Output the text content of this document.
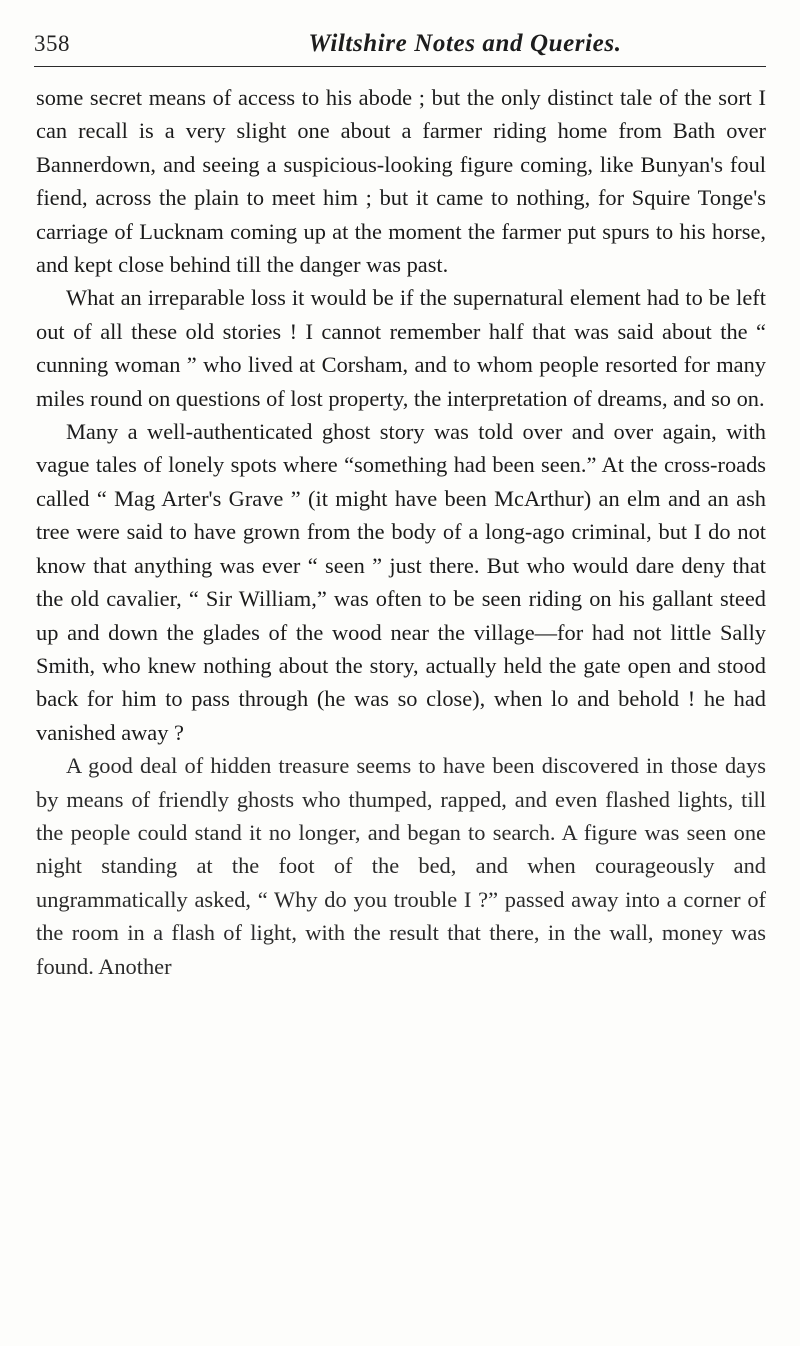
358	Wiltshire Notes and Queries.

some secret means of access to his abode ; but the only distinct tale of the sort I can recall is a very slight one about a farmer riding home from Bath over Bannerdown, and seeing a suspicious-looking figure coming, like Bunyan's foul fiend, across the plain to meet him ; but it came to nothing, for Squire Tonge's carriage of Lucknam coming up at the moment the farmer put spurs to his horse, and kept close behind till the danger was past.

What an irreparable loss it would be if the supernatural element had to be left out of all these old stories ! I cannot remember half that was said about the “ cunning woman ” who lived at Corsham, and to whom people resorted for many miles round on questions of lost property, the interpretation of dreams, and so on.

Many a well-authenticated ghost story was told over and over again, with vague tales of lonely spots where “something had been seen.” At the cross-roads called “ Mag Arter's Grave ” (it might have been McArthur) an elm and an ash tree were said to have grown from the body of a long-ago criminal, but I do not know that anything was ever “ seen ” just there. But who would dare deny that the old cavalier, “ Sir William,” was often to be seen riding on his gallant steed up and down the glades of the wood near the village—for had not little Sally Smith, who knew nothing about the story, actually held the gate open and stood back for him to pass through (he was so close), when lo and behold ! he had vanished away ?

A good deal of hidden treasure seems to have been discovered in those days by means of friendly ghosts who thumped, rapped, and even flashed lights, till the people could stand it no longer, and began to search. A figure was seen one night standing at the foot of the bed, and when courageously and ungrammatically asked, “ Why do you trouble I ?” passed away into a corner of the room in a flash of light, with the result that there, in the wall, money was found. Another
